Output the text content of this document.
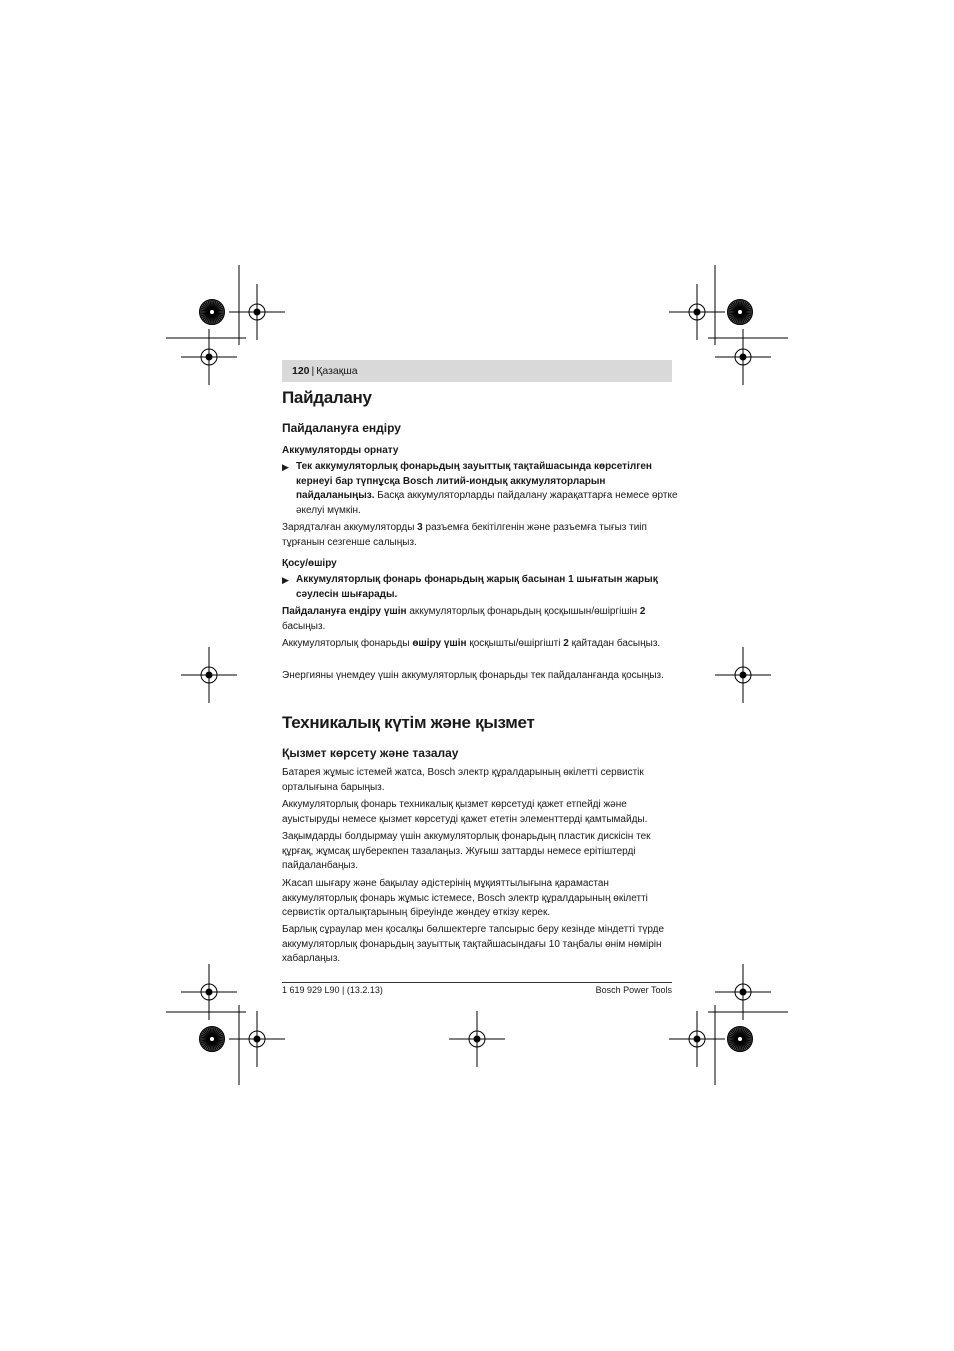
120 | Қазақша
Пайдалану
Пайдалануға ендіру
Аккумуляторды орнату
▶ Тек аккумуляторлық фонарьдың зауыттық тақтайшасында көрсетілген кернеуі бар түпнұсқа Bosch литий-иондық аккумуляторларын пайдаланыңыз. Басқа аккумуляторларды пайдалану жарақаттарға немесе өртке әкелуі мүмкін.
Зарядталған аккумуляторды 3 разъемға бекітілгенін және разъемға тығыз тиіп тұрғанын сезгенше салыңыз.
Қосу/өшіру
▶ Аккумуляторлық фонарь фонарьдың жарық басынан 1 шығатын жарық сәулесін шығарады.
Пайдалануға ендіру үшін аккумуляторлық фонарьдың қосқышын/өшіргішін 2 басыңыз.
Аккумуляторлық фонарьды өшіру үшін қосқышты/өшіргішті 2 қайтадан басыңыз.
Энергияны үнемдеу үшін аккумуляторлық фонарьды тек пайдаланғанда қосыңыз.
Техникалық күтім және қызмет
Қызмет көрсету және тазалау
Батарея жұмыс істемей жатса, Bosch электр құралдарының өкілетті сервистік орталығына барыңыз.
Аккумуляторлық фонарь техникалық қызмет көрсетуді қажет етпейді және ауыстыруды немесе қызмет көрсетуді қажет ететін элементтерді қамтымайды.
Зақымдарды болдырмау үшін аккумуляторлық фонарьдың пластик дискісін тек құрғақ, жұмсақ шүберекпен тазалаңыз. Жуғыш заттарды немесе ерітіштерді пайдаланбаңыз.
Жасап шығару және бақылау әдістерінің мұқияттылығына қарамастан аккумуляторлық фонарь жұмыс істемесе, Bosch электр құралдарының өкілетті сервистік орталықтарының біреуінде жөндеу өткізу керек.
Барлық сұраулар мен қосалқы бөлшектерге тапсырыс беру кезінде міндетті түрде аккумуляторлық фонарьдың зауыттық тақтайшасындағы 10 таңбалы өнім нөмірін хабарлаңыз.
1 619 929 L90 | (13.2.13)	Bosch Power Tools
